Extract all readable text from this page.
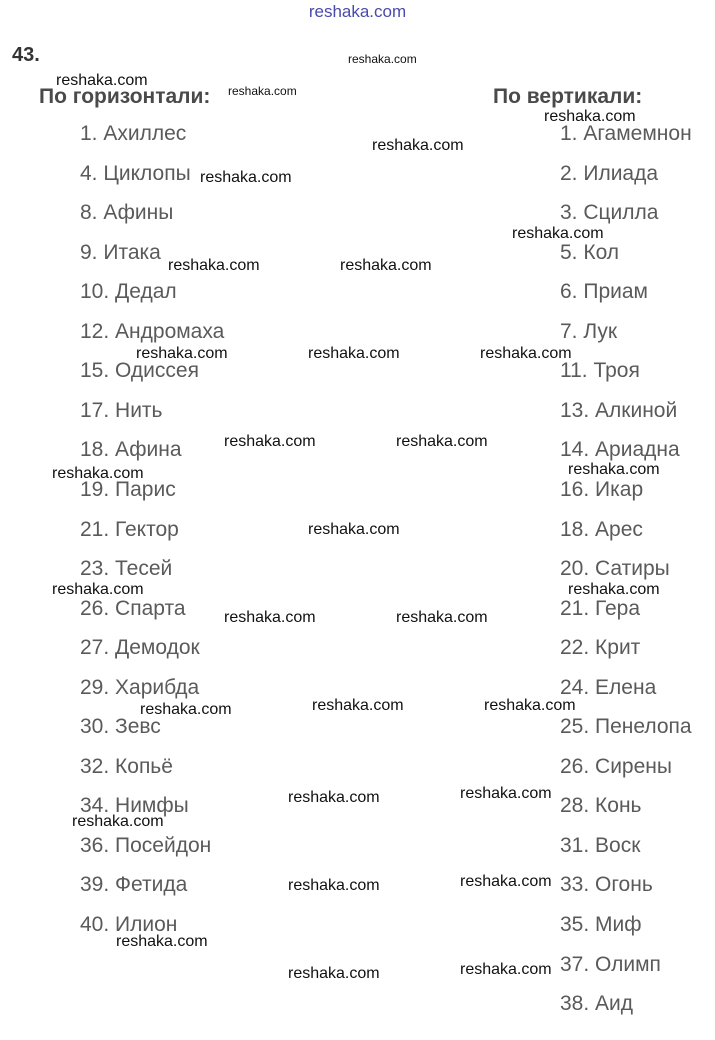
reshaka.com
43.
По горизонтали:	По вертикали:
1. Ахиллес
4. Циклопы
8. Афины
9. Итака
10. Дедал
12. Андромаха
15. Одиссея
17. Нить
18. Афина
19. Парис
21. Гектор
23. Тесей
26. Спарта
27. Демодок
29. Харибда
30. Зевс
32. Копьё
34. Нимфы
36. Посейдон
39. Фетида
40. Илион
1. Агамемнон
2. Илиада
3. Сцилла
5. Кол
6. Приам
7. Лук
11. Троя
13. Алкиной
14. Ариадна
16. Икар
18. Арес
20. Сатиры
21. Гера
22. Крит
24. Елена
25. Пенелопа
26. Сирены
28. Конь
31. Воск
33. Огонь
35. Миф
37. Олимп
38. Аид
reshaka.com
reshaka.com
reshaka.com
reshaka.com
reshaka.com
reshaka.com
reshaka.com
reshaka.com	reshaka.com
reshaka.com	reshaka.com	reshaka.com
reshaka.com	reshaka.com
reshaka.com	reshaka.com
reshaka.com
reshaka.com	reshaka.com
reshaka.com	reshaka.com
reshaka.com	reshaka.com	reshaka.com
reshaka.com	reshaka.com
reshaka.com
reshaka.com	reshaka.com
reshaka.com
reshaka.com	reshaka.com
